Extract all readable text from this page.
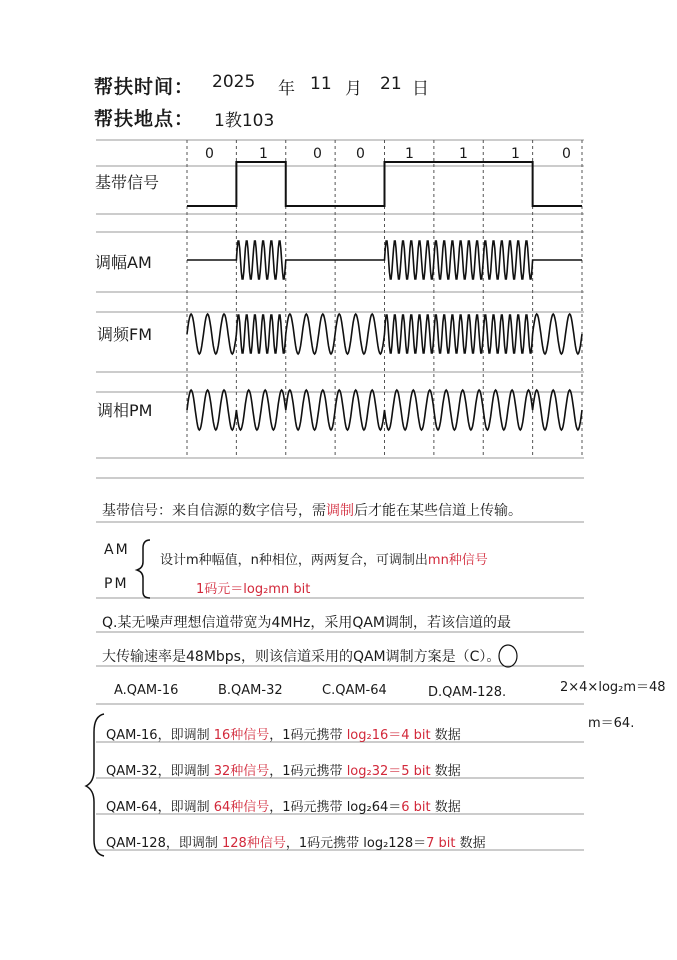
帮扶时间： 2025 年 11 月 21 日
帮扶地点： 1教103
0	1	0 0	1	1	1	0
基带信号
调幅AM
调频FM
调相PM
基带信号：来自信源的数字信号，需调制后才能在某些信道上传输。
AM
PM
设计m种幅值，n种相位，两两复合，可调制出mn种信号
1码元＝log₂mn bit
Q.某无噪声理想信道带宽为4MHz，采用QAM调制，若该信道的最
大传输速率是48Mbps，则该信道采用的QAM调制方案是（C）。
A.QAM-16	B.QAM-32	C.QAM-64	D.QAM-128.	2×4×log₂m＝48
m＝64.
QAM-16，即调制 16种信号，1码元携带 log₂16＝4 bit 数据
QAM-32，即调制 32种信号，1码元携带 log₂32＝5 bit 数据
QAM-64，即调制 64种信号，1码元携带 log₂64＝6 bit 数据
QAM-128，即调制 128种信号，1码元携带 log₂128＝7 bit 数据
